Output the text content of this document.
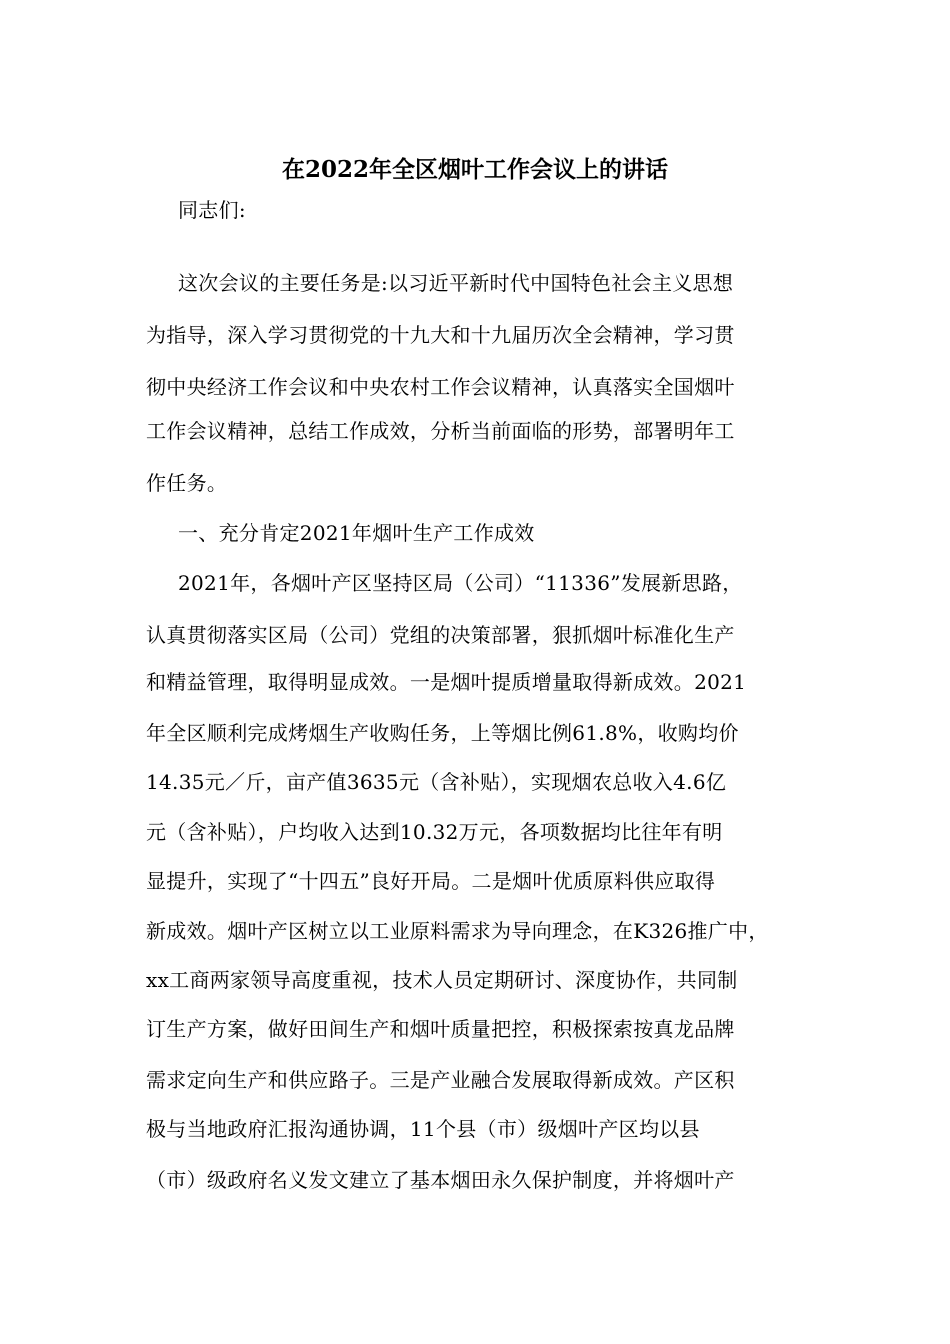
在2022年全区烟叶工作会议上的讲话
同志们:
这次会议的主要任务是:以习近平新时代中国特色社会主义思想
为指导，深入学习贯彻党的十九大和十九届历次全会精神，学习贯
彻中央经济工作会议和中央农村工作会议精神，认真落实全国烟叶
工作会议精神，总结工作成效，分析当前面临的形势，部署明年工
作任务。
一、充分肯定2021年烟叶生产工作成效
2021年，各烟叶产区坚持区局（公司）“11336”发展新思路，
认真贯彻落实区局（公司）党组的决策部署，狠抓烟叶标准化生产
和精益管理，取得明显成效。一是烟叶提质增量取得新成效。2021
年全区顺利完成烤烟生产收购任务，上等烟比例61.8%，收购均价
14.35元／斤，亩产值3635元（含补贴），实现烟农总收入4.6亿
元（含补贴），户均收入达到10.32万元，各项数据均比往年有明
显提升，实现了“十四五”良好开局。二是烟叶优质原料供应取得
新成效。烟叶产区树立以工业原料需求为导向理念，在K326推广中，
xx工商两家领导高度重视，技术人员定期研讨、深度协作，共同制
订生产方案，做好田间生产和烟叶质量把控，积极探索按真龙品牌
需求定向生产和供应路子。三是产业融合发展取得新成效。产区积
极与当地政府汇报沟通协调，11个县（市）级烟叶产区均以县
（市）级政府名义发文建立了基本烟田永久保护制度，并将烟叶产
